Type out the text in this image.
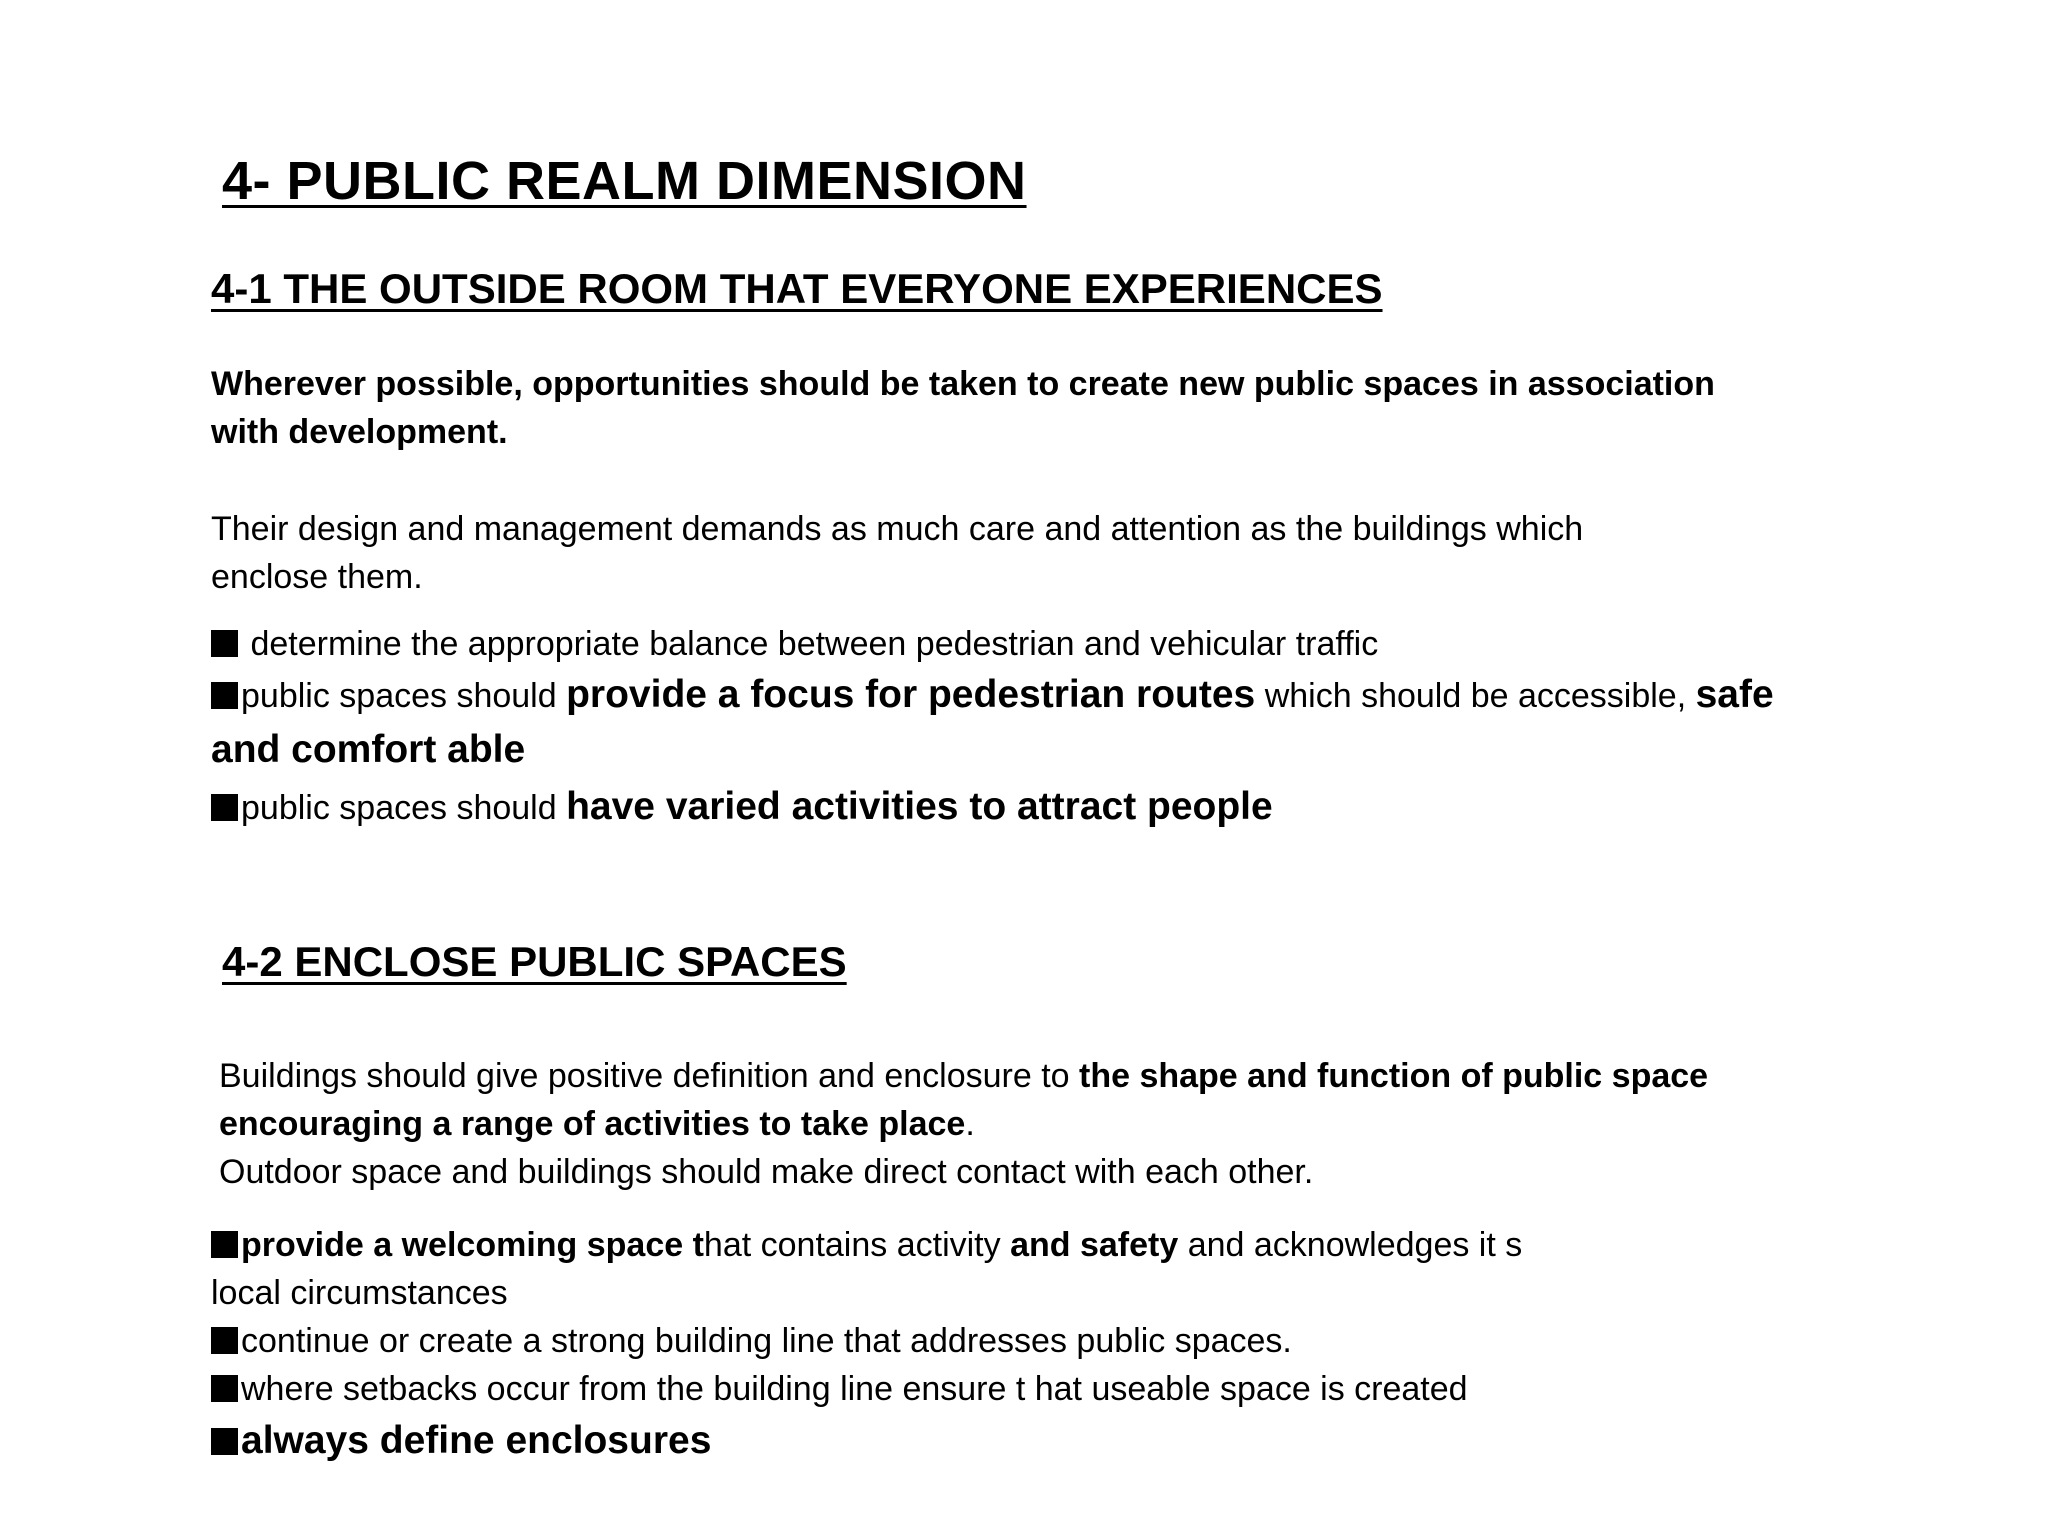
4- PUBLIC REALM DIMENSION
4-1 THE OUTSIDE ROOM THAT EVERYONE EXPERIENCES
Wherever possible, opportunities should be taken to create new public spaces in association
with development.
Their design and management demands as much care and attention as the buildings which
enclose them.
determine the appropriate balance between pedestrian and vehicular traffic
public spaces should provide a focus for pedestrian routes which should be accessible, safe
and comfort able
public spaces should have varied activities to attract people
4-2 ENCLOSE PUBLIC SPACES
Buildings should give positive definition and enclosure to the shape and function of public space
encouraging a range of activities to take place.
Outdoor space and buildings should make direct contact with each other.
provide a welcoming space that contains activity and safety and acknowledges it s
local circumstances
continue or create a strong building line that addresses public spaces.
where setbacks occur from the building line ensure t hat useable space is created
always define enclosures
